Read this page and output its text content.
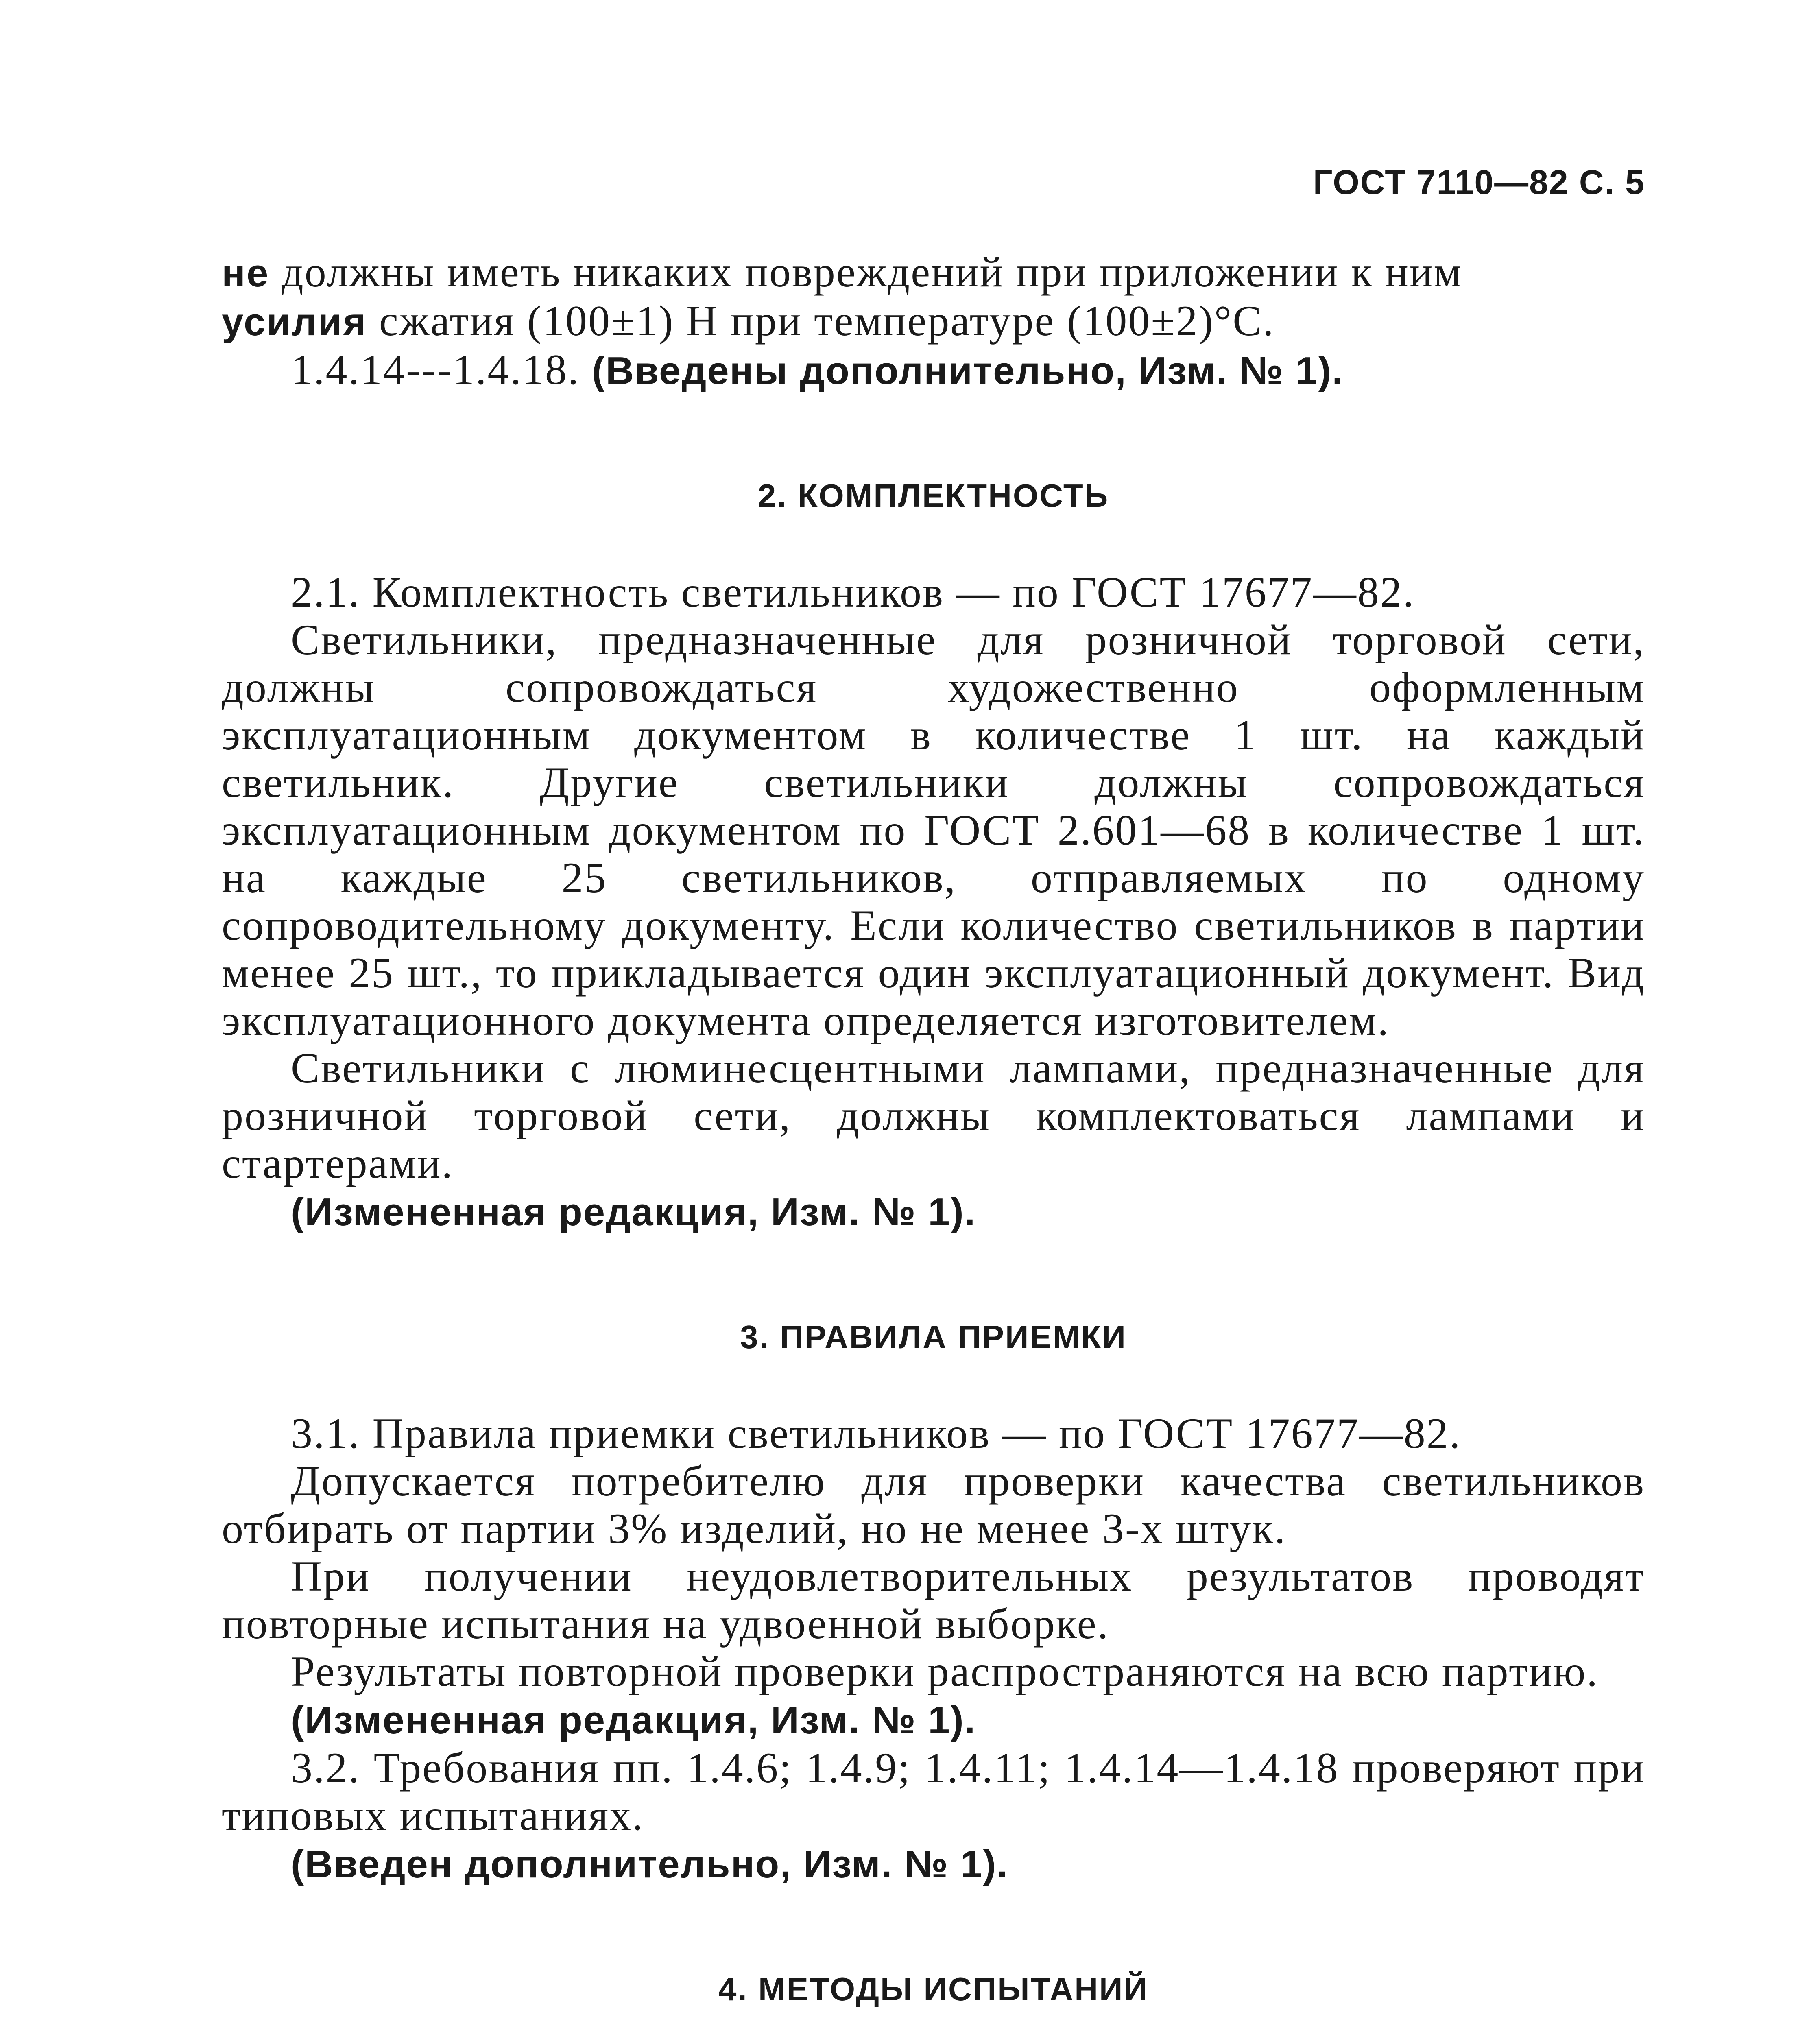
ГОСТ 7110—82 С. 5

не должны иметь никаких повреждений при приложении к ним
усилия сжатия (100±1) Н при температуре (100±2)°С.

1.4.14---1.4.18. (Введены дополнительно, Изм. № 1).

2. КОМПЛЕКТНОСТЬ

2.1. Комплектность светильников — по ГОСТ 17677—82.

Светильники, предназначенные для розничной торговой сети, должны сопровождаться художественно оформленным эксплуатационным документом в количестве 1 шт. на каждый светильник. Другие светильники должны сопровождаться эксплуатационным документом по ГОСТ 2.601—68 в количестве 1 шт. на каждые 25 светильников, отправляемых по одному сопроводительному документу. Если количество светильников в партии менее 25 шт., то прикладывается один эксплуатационный документ. Вид эксплуатационного документа определяется изготовителем.

Светильники с люминесцентными лампами, предназначенные для розничной торговой сети, должны комплектоваться лампами и стартерами.

(Измененная редакция, Изм. № 1).

3. ПРАВИЛА ПРИЕМКИ

3.1. Правила приемки светильников — по ГОСТ 17677—82.

Допускается потребителю для проверки качества светильников отбирать от партии 3% изделий, но не менее 3-х штук.

При получении неудовлетворительных результатов проводят повторные испытания на удвоенной выборке.

Результаты повторной проверки распространяются на всю партию.

(Измененная редакция, Изм. № 1).

3.2. Требования пп. 1.4.6; 1.4.9; 1.4.11; 1.4.14—1.4.18 проверяют при типовых испытаниях.

(Введен дополнительно, Изм. № 1).

4. МЕТОДЫ ИСПЫТАНИЙ
